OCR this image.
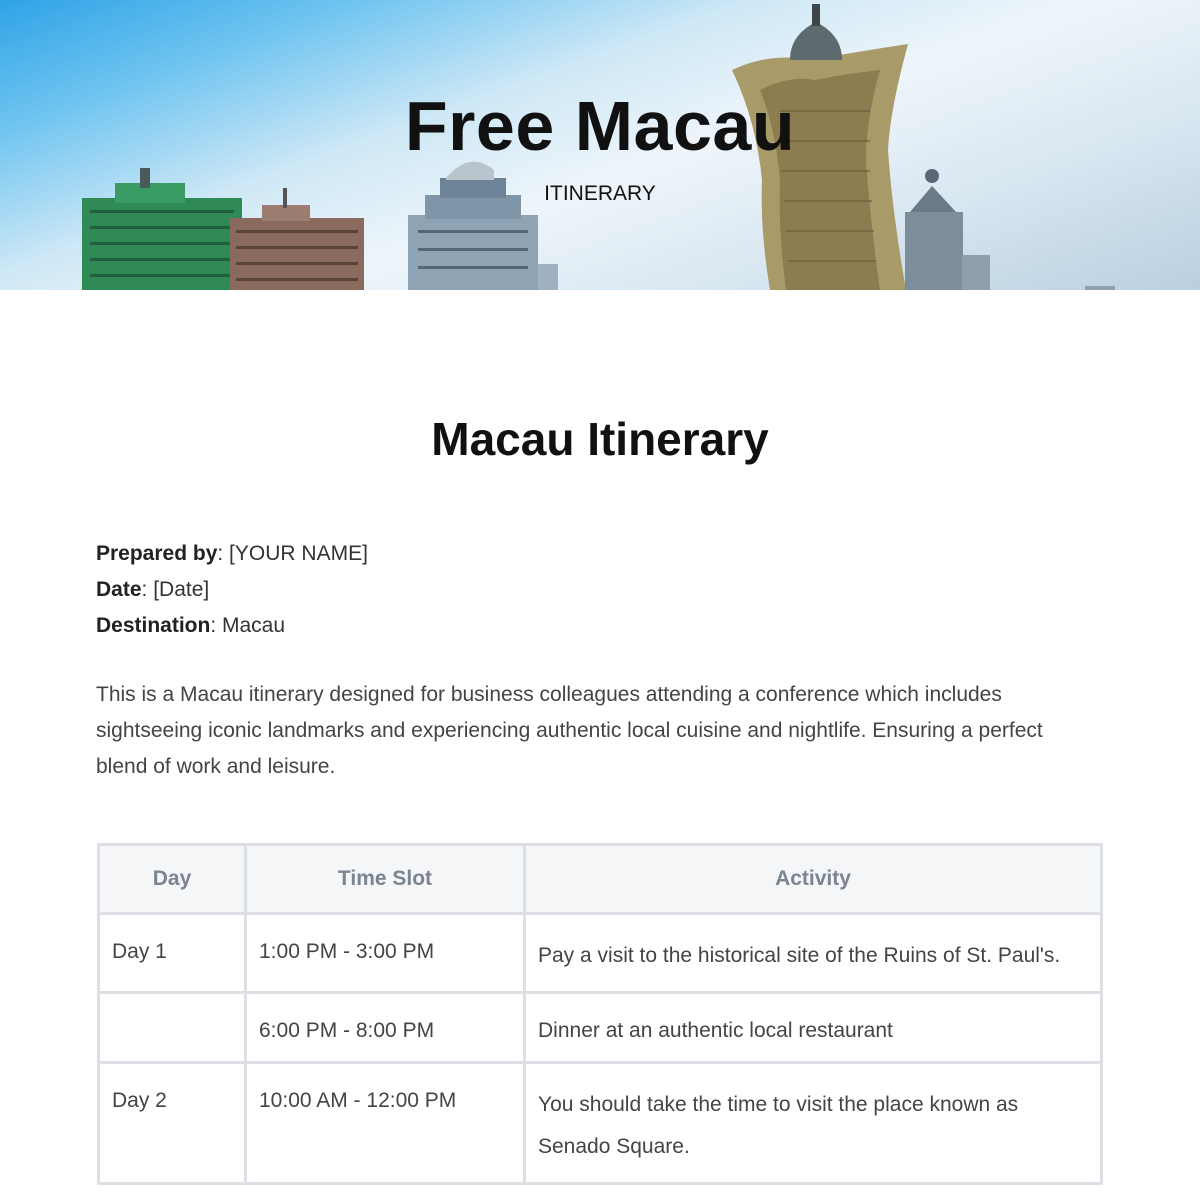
Free Macau

ITINERARY

Macau Itinerary
Prepared by: [YOUR NAME]
Date: [Date]
Destination: Macau

This is a Macau itinerary designed for business colleagues attending a conference which includes sightseeing iconic landmarks and experiencing authentic local cuisine and nightlife. Ensuring a perfect blend of work and leisure.

Day	Time Slot	Activity
Day 1	1:00 PM - 3:00 PM	Pay a visit to the historical site of the Ruins of St. Paul's.
	6:00 PM - 8:00 PM	Dinner at an authentic local restaurant
Day 2	10:00 AM - 12:00 PM	You should take the time to visit the place known as Senado Square.
